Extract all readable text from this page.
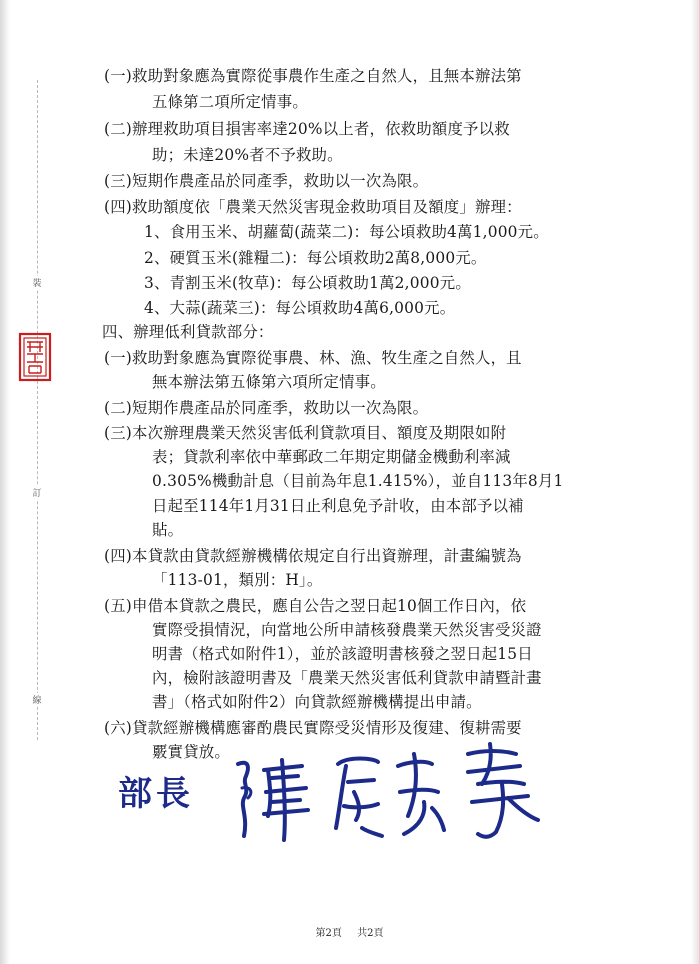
裝
訂
線
(一)救助對象應為實際從事農作生產之自然人，且無本辦法第
五條第二項所定情事。
(二)辦理救助項目損害率達20%以上者，依救助額度予以救
助；未達20%者不予救助。
(三)短期作農產品於同產季，救助以一次為限。
(四)救助額度依「農業天然災害現金救助項目及額度」辦理：
1、食用玉米、胡蘿蔔(蔬菜二)：每公頃救助4萬1,000元。
2、硬質玉米(雜糧二)：每公頃救助2萬8,000元。
3、青割玉米(牧草)：每公頃救助1萬2,000元。
4、大蒜(蔬菜三)：每公頃救助4萬6,000元。
四、辦理低利貸款部分：
(一)救助對象應為實際從事農、林、漁、牧生產之自然人，且
無本辦法第五條第六項所定情事。
(二)短期作農產品於同產季，救助以一次為限。
(三)本次辦理農業天然災害低利貸款項目、額度及期限如附
表；貸款利率依中華郵政二年期定期儲金機動利率減
0.305%機動計息（目前為年息1.415%），並自113年8月1
日起至114年1月31日止利息免予計收，由本部予以補
貼。
(四)本貸款由貸款經辦機構依規定自行出資辦理，計畫編號為
「113-01，類別：H」。
(五)申借本貸款之農民，應自公告之翌日起10個工作日內，依
實際受損情況，向當地公所申請核發農業天然災害受災證
明書（格式如附件1），並於該證明書核發之翌日起15日
內，檢附該證明書及「農業天然災害低利貸款申請暨計畫
書」（格式如附件2）向貸款經辦機構提出申請。
(六)貸款經辦機構應審酌農民實際受災情形及復建、復耕需要
覈實貸放。
部長
第2頁 共2頁
